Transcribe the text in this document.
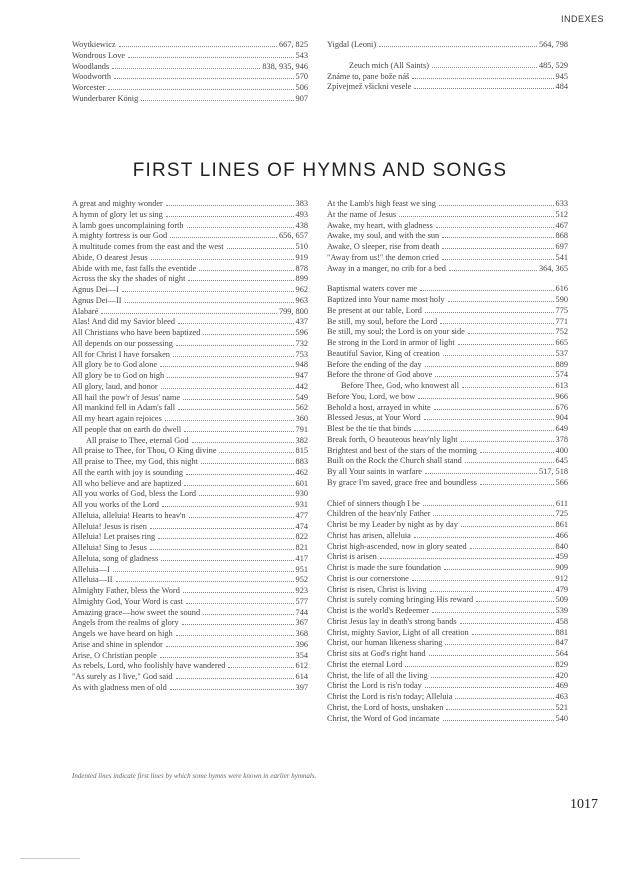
INDEXES
Woytkiewicz	667, 825
Wondrous Love	543
Woodlands	838, 935, 946
Woodworth	570
Worcester	506
Wunderbarer König	907
Yigdal (Leoni)	564, 798
Zeuch mich (All Saints)	485, 529
Známe to, pane bože náš	945
Zpívejmež všickni vesele	484
FIRST LINES OF HYMNS AND SONGS
A great and mighty wonder	383
A hymn of glory let us sing	493
A lamb goes uncomplaining forth	438
A mighty fortress is our God	656, 657
A multitude comes from the east and the west	510
Abide, O dearest Jesus	919
Abide with me, fast falls the eventide	878
Across the sky the shades of night	899
Agnus Dei—I	962
Agnus Dei—II	963
Alabaré	799, 800
Alas! And did my Savior bleed	437
All Christians who have been baptized	596
All depends on our possessing	732
All for Christ I have forsaken	753
All glory be to God alone	948
All glory be to God on high	947
All glory, laud, and honor	442
All hail the pow'r of Jesus' name	549
All mankind fell in Adam's fall	562
All my heart again rejoices	360
All people that on earth do dwell	791
All praise to Thee, eternal God	382
All praise to Thee, for Thou, O King divine	815
All praise to Thee, my God, this night	883
All the earth with joy is sounding	462
All who believe and are baptized	601
All you works of God, bless the Lord	930
All you works of the Lord	931
Alleluia, alleluia! Hearts to heav'n	477
Alleluia! Jesus is risen	474
Alleluia! Let praises ring	822
Alleluia! Sing to Jesus	821
Alleluia, song of gladness	417
Alleluia—I	951
Alleluia—II	952
Almighty Father, bless the Word	923
Almighty God, Your Word is cast	577
Amazing grace—how sweet the sound	744
Angels from the realms of glory	367
Angels we have heard on high	368
Arise and shine in splendor	396
Arise, O Christian people	354
As rebels, Lord, who foolishly have wandered	612
"As surely as I live," God said	614
As with gladness men of old	397
At the Lamb's high feast we sing	633
At the name of Jesus	512
Awake, my heart, with gladness	467
Awake, my soul, and with the sun	868
Awake, O sleeper, rise from death	697
"Away from us!" the demon cried	541
Away in a manger, no crib for a bed	364, 365
Baptismal waters cover me	616
Baptized into Your name most holy	590
Be present at our table, Lord	775
Be still, my soul, before the Lord	771
Be still, my soul; the Lord is on your side	752
Be strong in the Lord in armor of light	665
Beautiful Savior, King of creation	537
Before the ending of the day	889
Before the throne of God above	574
Before Thee, God, who knowest all	613
Before You, Lord, we bow	966
Behold a host, arrayed in white	676
Blessed Jesus, at Your Word	904
Blest be the tie that binds	649
Break forth, O beauteous heav'nly light	378
Brightest and best of the stars of the morning	400
Built on the Rock the Church shall stand	645
By all Your saints in warfare	517, 518
By grace I'm saved, grace free and boundless	566
Chief of sinners though I be	611
Children of the heav'nly Father	725
Christ be my Leader by night as by day	861
Christ has arisen, alleluia	466
Christ high-ascended, now in glory seated	840
Christ is arisen	459
Christ is made the sure foundation	909
Christ is our cornerstone	912
Christ is risen, Christ is living	479
Christ is surely coming bringing His reward	509
Christ is the world's Redeemer	539
Christ Jesus lay in death's strong bands	458
Christ, mighty Savior, Light of all creation	881
Christ, our human likeness sharing	847
Christ sits at God's right hand	564
Christ the eternal Lord	829
Christ, the life of all the living	420
Christ the Lord is ris'n today	469
Christ the Lord is ris'n today; Alleluia	463
Christ, the Lord of hosts, unshaken	521
Christ, the Word of God incarnate	540
Indented lines indicate first lines by which some hymns were known in earlier hymnals.
1017
